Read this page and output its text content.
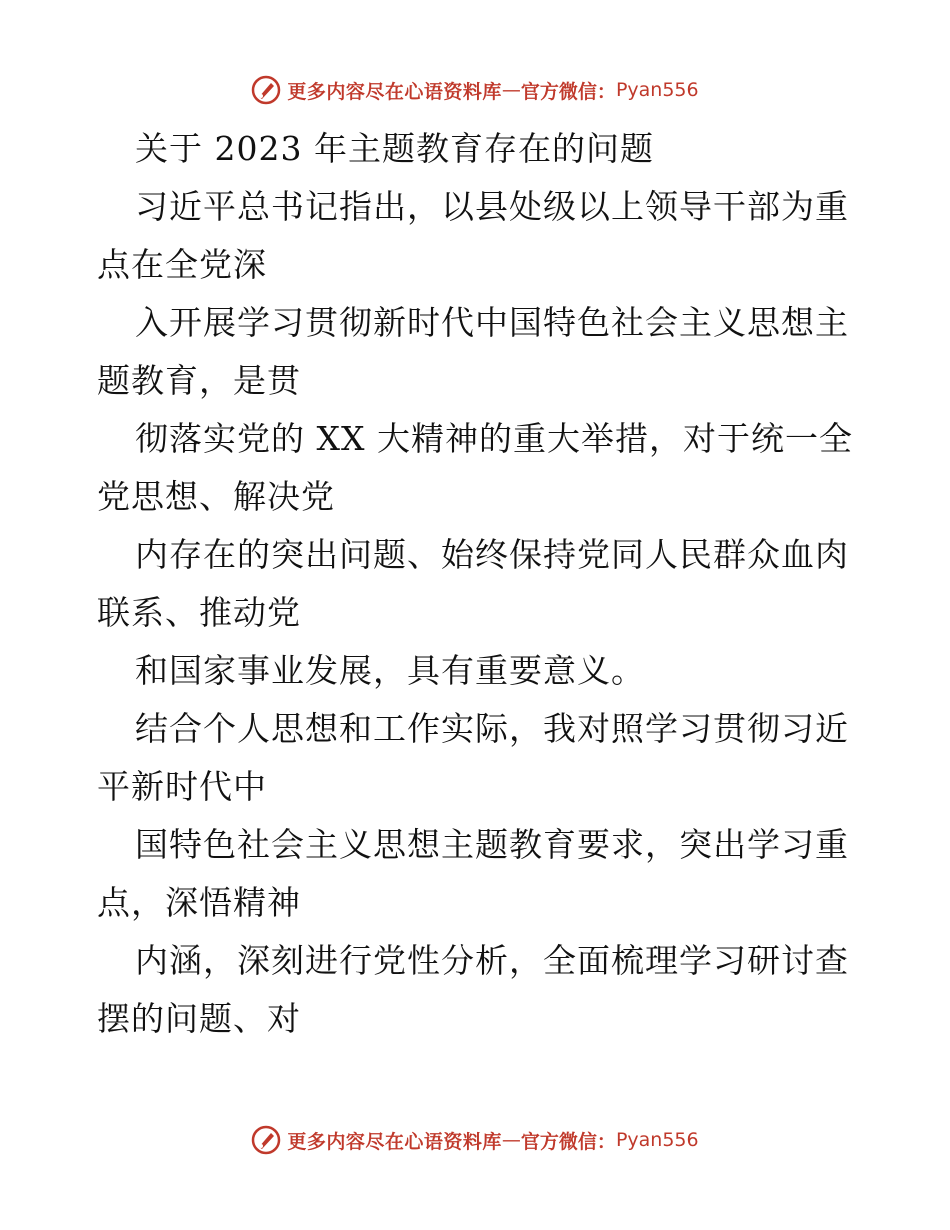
更多内容尽在心语资料库 — 官方微信： Pyan556
关于 2023 年主题教育存在的问题
习近平总书记指出，以县处级以上领导干部为重
点在全党深
入开展学习贯彻新时代中国特色社会主义思想主
题教育，是贯
彻落实党的 XX 大精神的重大举措，对于统一全
党思想、解决党
内存在的突出问题、始终保持党同人民群众血肉
联系、推动党
和国家事业发展，具有重要意义。
结合个人思想和工作实际，我对照学习贯彻习近
平新时代中
国特色社会主义思想主题教育要求，突出学习重
点，深悟精神
内涵，深刻进行党性分析，全面梳理学习研讨查
摆的问题、对
更多内容尽在心语资料库 — 官方微信： Pyan556
